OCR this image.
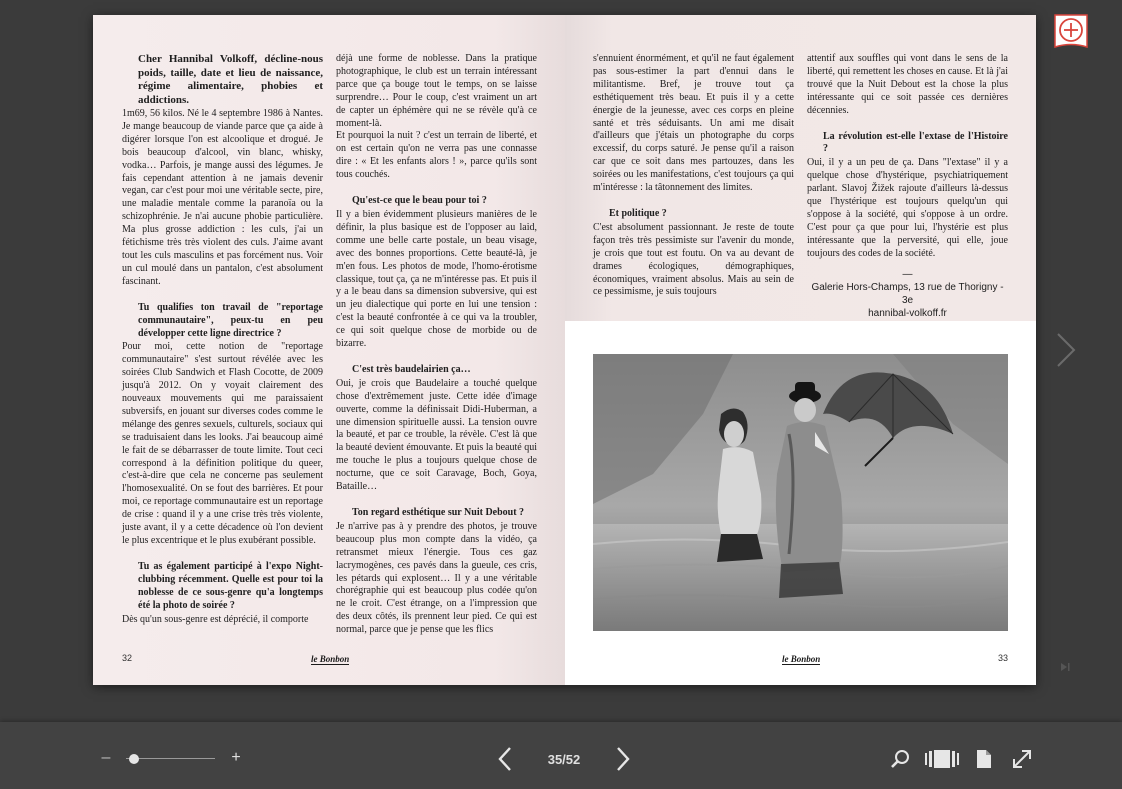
Cher Hannibal Volkoff, décline-nous poids, taille, date et lieu de naissance, régime alimentaire, phobies et addictions.

1m69, 56 kilos. Né le 4 septembre 1986 à Nantes. Je mange beaucoup de viande parce que ça aide à digérer lorsque l'on est alcoolique et drogué. Je bois beaucoup d'alcool, vin blanc, whisky, vodka… Parfois, je mange aussi des légumes. Je fais cependant attention à ne jamais devenir vegan, car c'est pour moi une véritable secte, pire, une maladie mentale comme la paranoïa ou la schizophrénie. Je n'ai aucune phobie particulière. Ma plus grosse addiction : les culs, j'ai un fétichisme très très violent des culs. J'aime avant tout les culs masculins et pas forcément nus. Voir un cul moulé dans un pantalon, c'est absolument fascinant.

Tu qualifies ton travail de "reportage communautaire", peux-tu en peu développer cette ligne directrice ?

Pour moi, cette notion de "reportage communautaire" s'est surtout révélée avec les soirées Club Sandwich et Flash Cocotte, de 2009 jusqu'à 2012. On y voyait clairement des nouveaux mouvements qui me paraissaient subversifs, en jouant sur diverses codes comme le mélange des genres sexuels, culturels, sociaux qui se traduisaient dans les looks. J'ai beaucoup aimé le fait de se débarrasser de toute limite. Tout ceci correspond à la définition politique du queer, c'est-à-dire que cela ne concerne pas seulement l'homosexualité. On se fout des barrières. Et pour moi, ce reportage communautaire est un reportage de crise : quand il y a une crise très très violente, juste avant, il y a cette décadence où l'on devient le plus excentrique et le plus exubérant possible.

Tu as également participé à l'expo Night-clubbing récemment. Quelle est pour toi la noblesse de ce sous-genre qu'a longtemps été la photo de soirée ?

Dès qu'un sous-genre est déprécié, il comporte

déjà une forme de noblesse. Dans la pratique photographique, le club est un terrain intéressant parce que ça bouge tout le temps, on se laisse surprendre… Pour le coup, c'est vraiment un art de capter un éphémère qui ne se révèle qu'à ce moment-là.

Et pourquoi la nuit ? c'est un terrain de liberté, et on est certain qu'on ne verra pas une connasse dire : « Et les enfants alors ! », parce qu'ils sont tous couchés.

Qu'est-ce que le beau pour toi ?

Il y a bien évidemment plusieurs manières de le définir, la plus basique est de l'opposer au laid, comme une belle carte postale, un beau visage, avec des bonnes proportions. Cette beauté-là, je m'en fous. Les photos de mode, l'homo-érotisme classique, tout ça, ça ne m'intéresse pas. Et puis il y a le beau dans sa dimension subversive, qui est un jeu dialectique qui porte en lui une tension : c'est la beauté confrontée à ce qui va la troubler, ce qui soit quelque chose de morbide ou de bizarre.

C'est très baudelairien ça…

Oui, je crois que Baudelaire a touché quelque chose d'extrêmement juste. Cette idée d'image ouverte, comme la définissait Didi-Huberman, a une dimension spirituelle aussi. La tension ouvre la beauté, et par ce trouble, la révèle. C'est là que la beauté devient émouvante. Et puis la beauté qui me touche le plus a toujours quelque chose de nocturne, que ce soit Caravage, Boch, Goya, Bataille…

Ton regard esthétique sur Nuit Debout ?

Je n'arrive pas à y prendre des photos, je trouve beaucoup plus mon compte dans la vidéo, ça retransmet mieux l'énergie. Tous ces gaz lacrymogènes, ces pavés dans la gueule, ces cris, les pétards qui explosent… Il y a une véritable chorégraphie qui est beaucoup plus codée qu'on ne le croit. C'est étrange, on a l'impression que des deux côtés, ils prennent leur pied. Ce qui est normal, parce que je pense que les flics

32	le Bonbon

s'ennuient énormément, et qu'il ne faut également pas sous-estimer la part d'ennui dans le militantisme. Bref, je trouve tout ça esthétiquement très beau. Et puis il y a cette énergie de la jeunesse, avec ces corps en pleine santé et très séduisants. Un ami me disait d'ailleurs que j'étais un photographe du corps excessif, du corps saturé. Je pense qu'il a raison car que ce soit dans mes partouzes, dans les soirées ou les manifestations, c'est toujours ça qui m'intéresse : la tâtonnement des limites.

Et politique ?

C'est absolument passionnant. Je reste de toute façon très très pessimiste sur l'avenir du monde, je crois que tout est foutu. On va au devant de drames écologiques, démographiques, économiques, vraiment absolus. Mais au sein de ce pessimisme, je suis toujours

attentif aux souffles qui vont dans le sens de la liberté, qui remettent les choses en cause. Et là j'ai trouvé que la Nuit Debout est la chose la plus intéressante qui ce soit passée ces dernières décennies.

La révolution est-elle l'extase de l'Histoire ?

Oui, il y a un peu de ça. Dans "l'extase" il y a quelque chose d'hystérique, psychiatriquement parlant. Slavoj Žižek rajoute d'ailleurs là-dessus que l'hystérique est toujours quelqu'un qui s'oppose à la société, qui s'oppose à un ordre. C'est pour ça que pour lui, l'hystérie est plus intéressante que la perversité, qui elle, joue toujours des codes de la société.

—
Galerie Hors-Champs, 13 rue de Thorigny - 3e
hannibal-volkoff.fr
le Bonbon	33
–	+	35/52
